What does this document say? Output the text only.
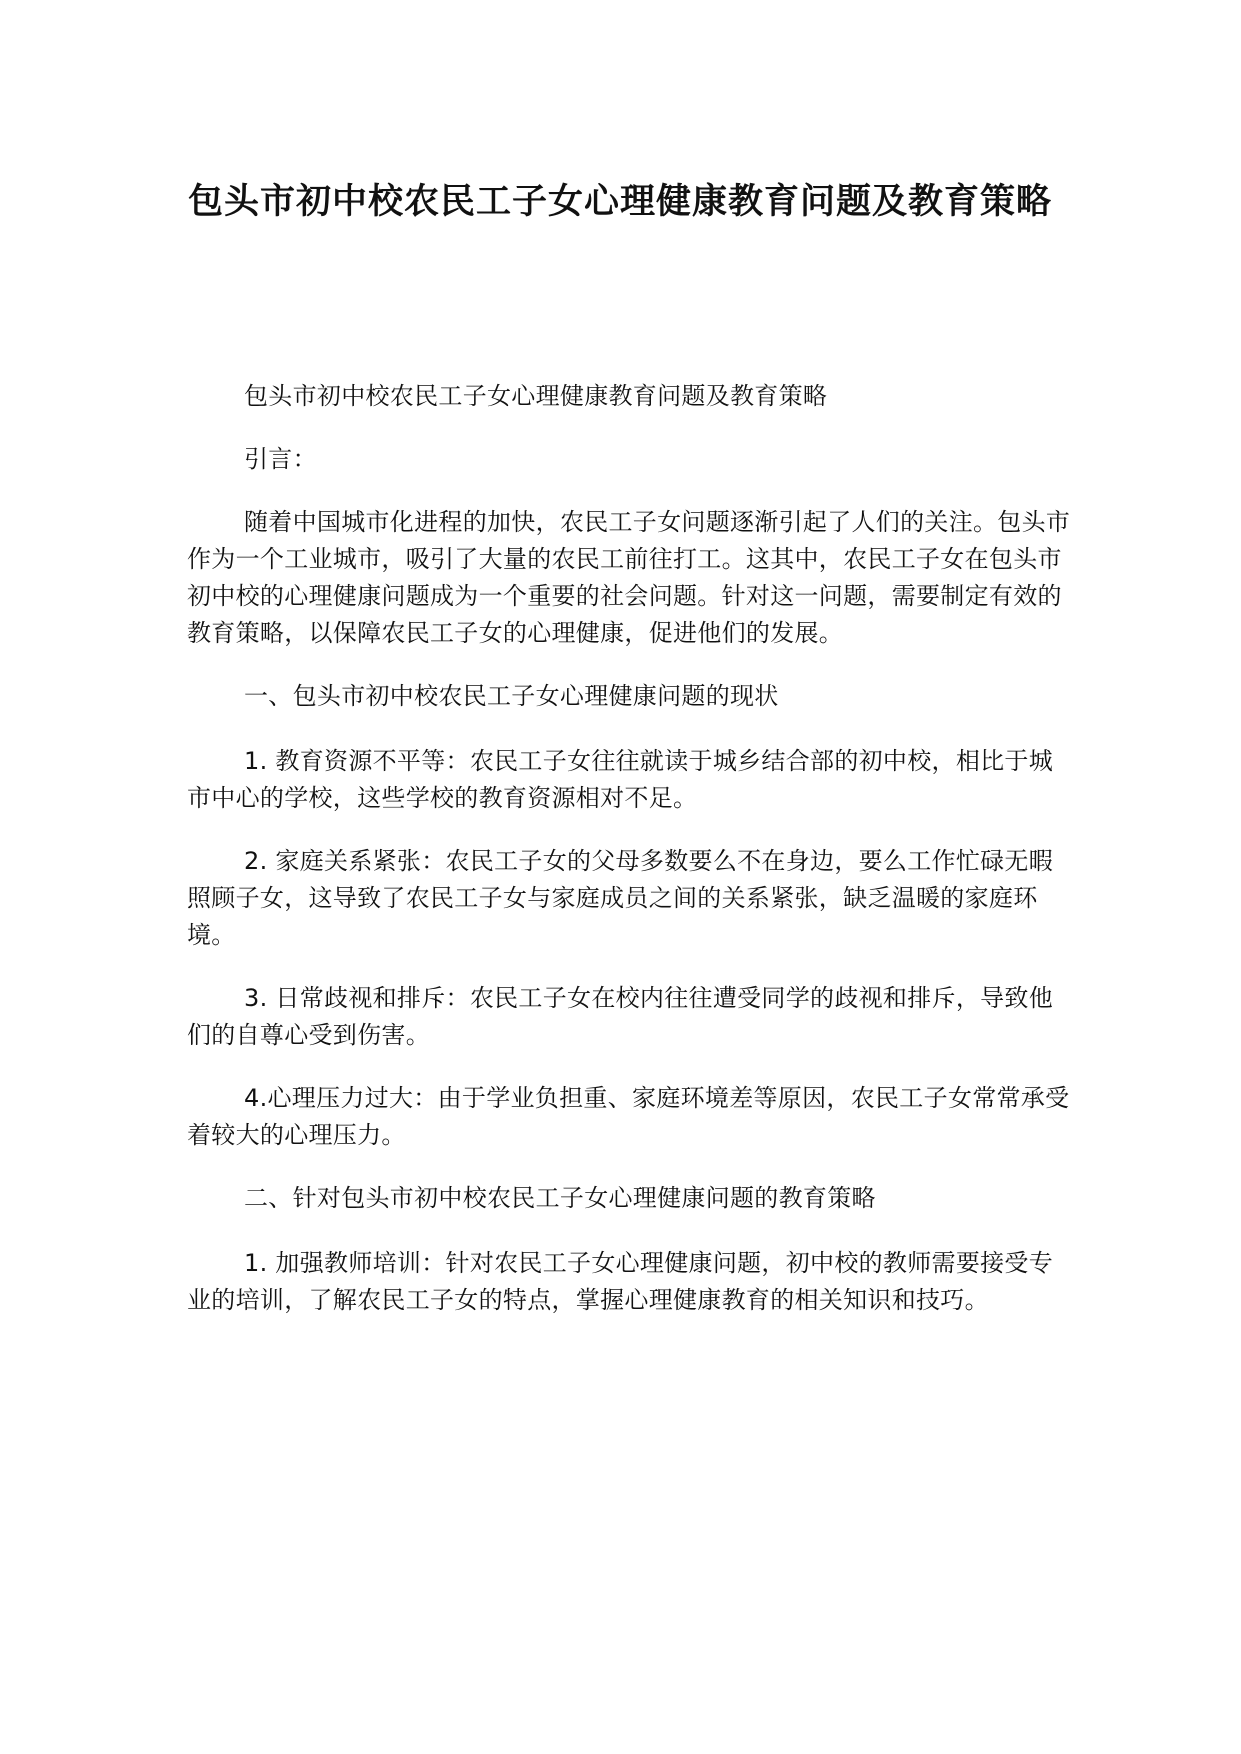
包头市初中校农民工子女心理健康教育问题及教育策略

包头市初中校农民工子女心理健康教育问题及教育策略

引言：

随着中国城市化进程的加快，农民工子女问题逐渐引起了人们的关注。包头市作为一个工业城市，吸引了大量的农民工前往打工。这其中，农民工子女在包头市初中校的心理健康问题成为一个重要的社会问题。针对这一问题，需要制定有效的教育策略，以保障农民工子女的心理健康，促进他们的发展。

一、包头市初中校农民工子女心理健康问题的现状

1. 教育资源不平等：农民工子女往往就读于城乡结合部的初中校，相比于城市中心的学校，这些学校的教育资源相对不足。

2. 家庭关系紧张：农民工子女的父母多数要么不在身边，要么工作忙碌无暇照顾子女，这导致了农民工子女与家庭成员之间的关系紧张，缺乏温暖的家庭环境。

3. 日常歧视和排斥：农民工子女在校内往往遭受同学的歧视和排斥，导致他们的自尊心受到伤害。

4.心理压力过大：由于学业负担重、家庭环境差等原因，农民工子女常常承受着较大的心理压力。

二、针对包头市初中校农民工子女心理健康问题的教育策略

1. 加强教师培训：针对农民工子女心理健康问题，初中校的教师需要接受专业的培训，了解农民工子女的特点，掌握心理健康教育的相关知识和技巧。
